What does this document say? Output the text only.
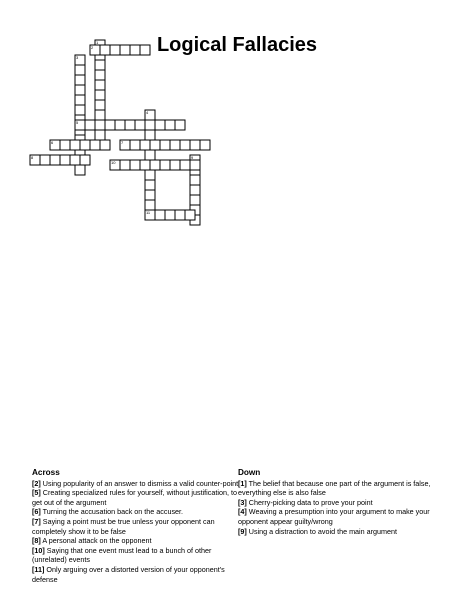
Logical Fallacies
1
2
3
4
5
6	7
8	9
10
11
Across
[2] Using popularity of an answer to dismiss a valid counter-point
[5] Creating specialized rules for yourself, without justification, to get out of the argument
[6] Turning the accusation back on the accuser.
[7] Saying a point must be true unless your opponent can completely show it to be false
[8] A personal attack on the opponent
[10] Saying that one event must lead to a bunch of other (unrelated) events
[11] Only arguing over a distorted version of your opponent's defense
Down
[1] The belief that because one part of the argument is false, everything else is also false
[3] Cherry-picking data to prove your point
[4] Weaving a presumption into your argument to make your opponent appear guilty/wrong
[9] Using a distraction to avoid the main argument
